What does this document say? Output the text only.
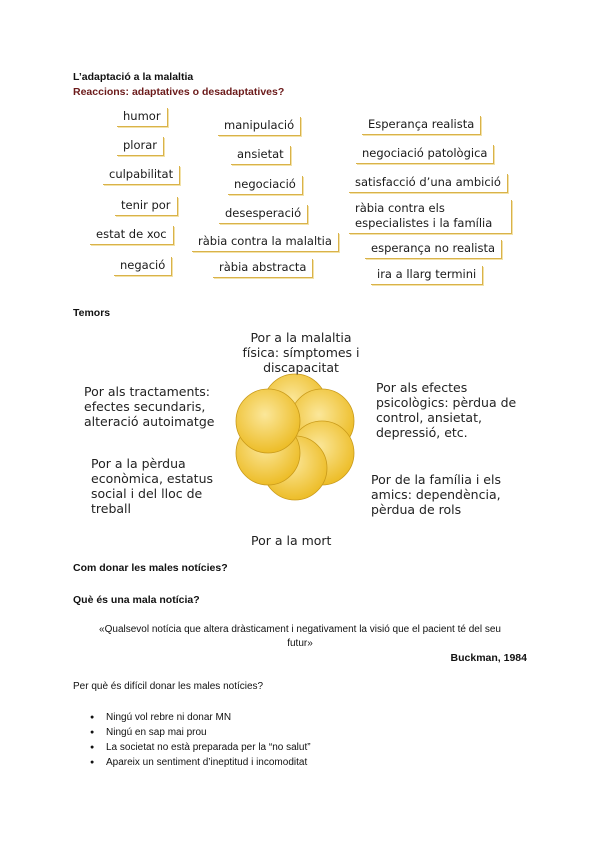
L’adaptació a la malaltia
Reaccions: adaptatives o desadaptatives?
humor
plorar
culpabilitat
tenir por
estat de xoc
negació
manipulació
ansietat
negociació
desesperació
ràbia contra la malaltia
ràbia abstracta
Esperança realista
negociació patològica
satisfacció d’una ambició
ràbia contra els especialistes i la família
esperança no realista
ira a llarg termini
Temors
Por a la malaltia física: símptomes i discapacitat
Por als tractaments: efectes secundaris, alteració autoimatge
Por als efectes psicològics: pèrdua de control, ansietat, depressió, etc.
Por a la pèrdua econòmica, estatus social i del lloc de treball
Por de la família i els amics: dependència, pèrdua de rols
Por a la mort
Com donar les males notícies?
Què és una mala notícia?
«Qualsevol notícia que altera dràsticament i negativament la visió que el pacient té del seu
futur»
Buckman, 1984
Per què és difícil donar les males notícies?
● Ningú vol rebre ni donar MN
● Ningú en sap mai prou
● La societat no està preparada per la “no salut”
● Apareix un sentiment d’ineptitud i incomoditat
